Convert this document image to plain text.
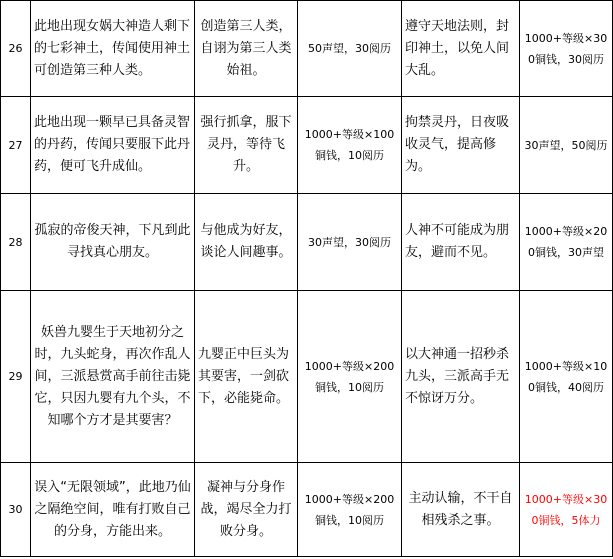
26	此地出现女娲大神造人剩下的七彩神土，传闻使用神土可创造第三种人类。	创造第三人类，自诩为第三人类始祖。	50声望，30阅历	遵守天地法则，封印神土，以免人间大乱。	1000+等级×300铜钱，30阅历
27	此地出现一颗早已具备灵智的丹药，传闻只要服下此丹药，便可飞升成仙。	强行抓拿，服下灵丹，等待飞升。	1000+等级×100铜钱，10阅历	拘禁灵丹，日夜吸收灵气，提高修为。	30声望，50阅历
28	孤寂的帝俊天神，下凡到此寻找真心朋友。	与他成为好友，谈论人间趣事。	30声望，30阅历	人神不可能成为朋友，避而不见。	1000+等级×200铜钱，30声望
29	妖兽九婴生于天地初分之时，九头蛇身，再次作乱人间，三派悬赏高手前往击毙它，只因九婴有九个头，不知哪个方才是其要害？	九婴正中巨头为其要害，一剑砍下，必能毙命。	1000+等级×200铜钱，10阅历	以大神通一招秒杀九头，三派高手无不惊讶万分。	1000+等级×100铜钱，40阅历
30	误入“无限领域”，此地乃仙之隔绝空间，唯有打败自己的分身，方能出来。	凝神与分身作战，竭尽全力打败分身。	1000+等级×200铜钱，10阅历	主动认输，不干自相残杀之事。	1000+等级×300铜钱，5体力
